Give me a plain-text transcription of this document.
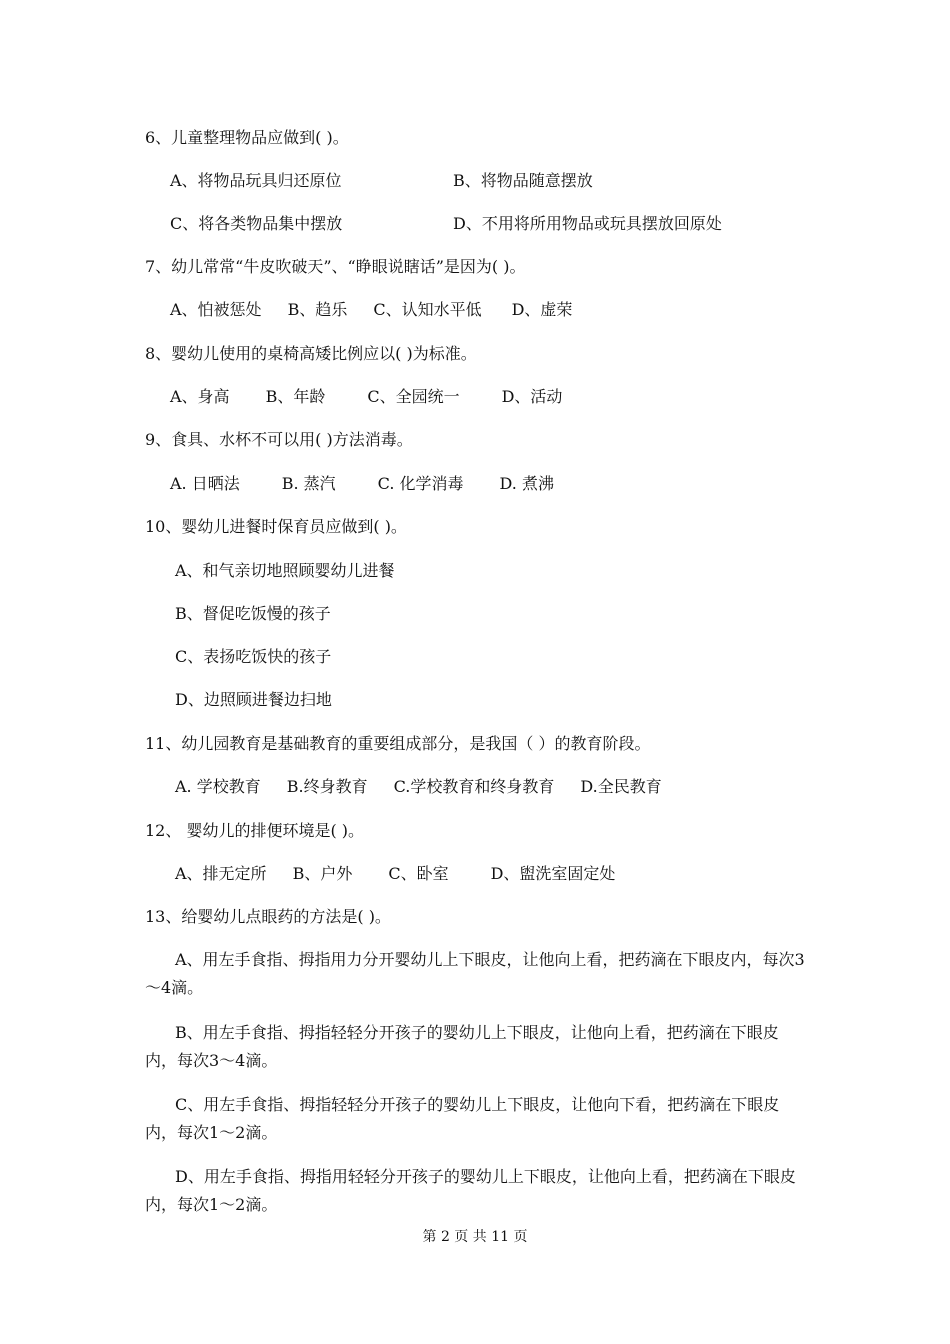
6、儿童整理物品应做到( )。
A、将物品玩具归还原位	B、将物品随意摆放
C、将各类物品集中摆放	D、不用将所用物品或玩具摆放回原处
7、幼儿常常“牛皮吹破天”、“睁眼说瞎话”是因为( )。
A、怕被惩处 B、趋乐 C、认知水平低 D、虚荣
8、婴幼儿使用的桌椅高矮比例应以( )为标准。
A、身高 B、年龄	C、全园统一	D、活动
9、食具、水杯不可以用( )方法消毒。
A. 日晒法	B. 蒸汽	C. 化学消毒 D. 煮沸
10、婴幼儿进餐时保育员应做到( )。
A、和气亲切地照顾婴幼儿进餐
B、督促吃饭慢的孩子
C、表扬吃饭快的孩子
D、边照顾进餐边扫地
11、幼儿园教育是基础教育的重要组成部分，是我国（ ）的教育阶段。
A. 学校教育 B.终身教育 C.学校教育和终身教育 D.全民教育
12、 婴幼儿的排便环境是( )。
A、排无定所 B、户外 C、卧室	D、盥洗室固定处
13、给婴幼儿点眼药的方法是( )。
A、用左手食指、拇指用力分开婴幼儿上下眼皮，让他向上看，把药滴在下眼皮内，每次3～4滴。
B、用左手食指、拇指轻轻分开孩子的婴幼儿上下眼皮，让他向上看，把药滴在下眼皮内，每次3～4滴。
C、用左手食指、拇指轻轻分开孩子的婴幼儿上下眼皮，让他向下看，把药滴在下眼皮内，每次1～2滴。
D、用左手食指、拇指用轻轻分开孩子的婴幼儿上下眼皮，让他向上看，把药滴在下眼皮内，每次1～2滴。
第 2 页 共 11 页
